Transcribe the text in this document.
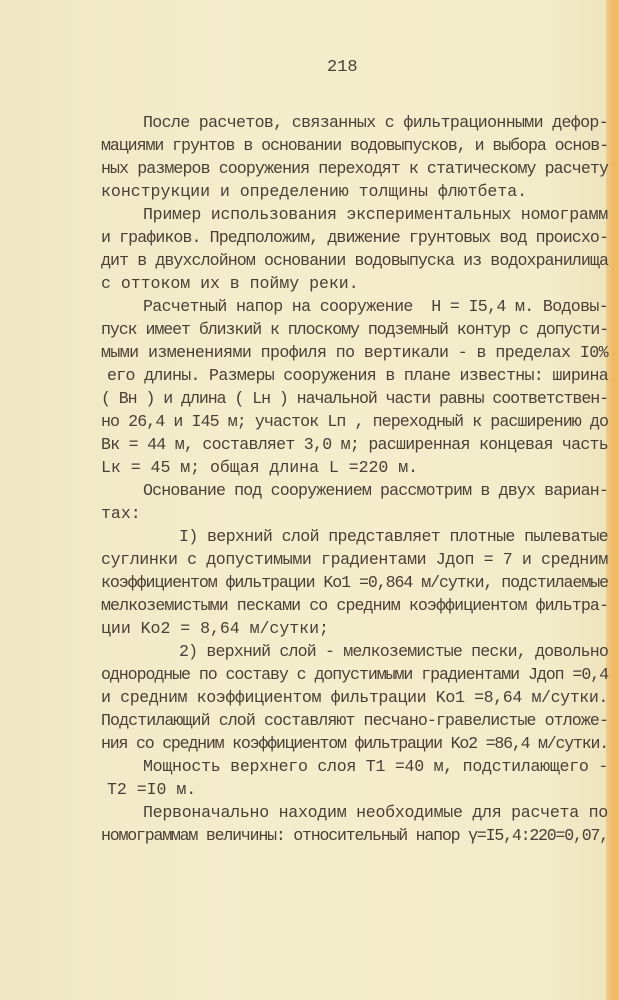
218
После расчетов, связанных с фильтрационными дефор-
мациями грунтов в основании водовыпусков, и выбора основ-
ных размеров сооружения переходят к статическому расчету
конструкции и определению толщины флютбета.
Пример использования экспериментальных номограмм
и графиков. Предположим, движение грунтовых вод происхо-
дит в двухслойном основании водовыпуска из водохранилища
с оттоком их в пойму реки.
Расчетный напор на сооружение  H = I5,4 м. Водовы-
пуск имеет близкий к плоскому подземный контур с допусти-
мыми изменениями профиля по вертикали - в пределах I0%
его длины. Размеры сооружения в плане известны: ширина
( Bн ) и длина ( Lн ) начальной части равны соответствен-
но 26,4 и I45 м; участок Lп , переходный к расширению до
Bк = 44 м, составляет 3,0 м; расширенная концевая часть
Lк = 45 м; общая длина L =220 м.
Основание под сооружением рассмотрим в двух вариан-
тах:
I) верхний слой представляет плотные пылеватые
суглинки с допустимыми градиентами Jдоп = 7 и средним
коэффициентом фильтрации Ko1 =0,864 м/сутки, подстилаемые
мелкоземистыми песками со средним коэффициентом фильтра-
ции Ko2 = 8,64 м/сутки;
2) верхний слой - мелкоземистые пески, довольно
однородные по составу с допустимыми градиентами Jдоп =0,4
и средним коэффициентом фильтрации Ko1 =8,64 м/сутки.
Подстилающий слой составляют песчано-гравелистые отложе-
ния со средним коэффициентом фильтрации Ko2 =86,4 м/сутки.
Мощность верхнего слоя T1 =40 м, подстилающего -
T2 =I0 м.
Первоначально находим необходимые для расчета по
номограммам величины: относительный напор γ=I5,4:220=0,07,
